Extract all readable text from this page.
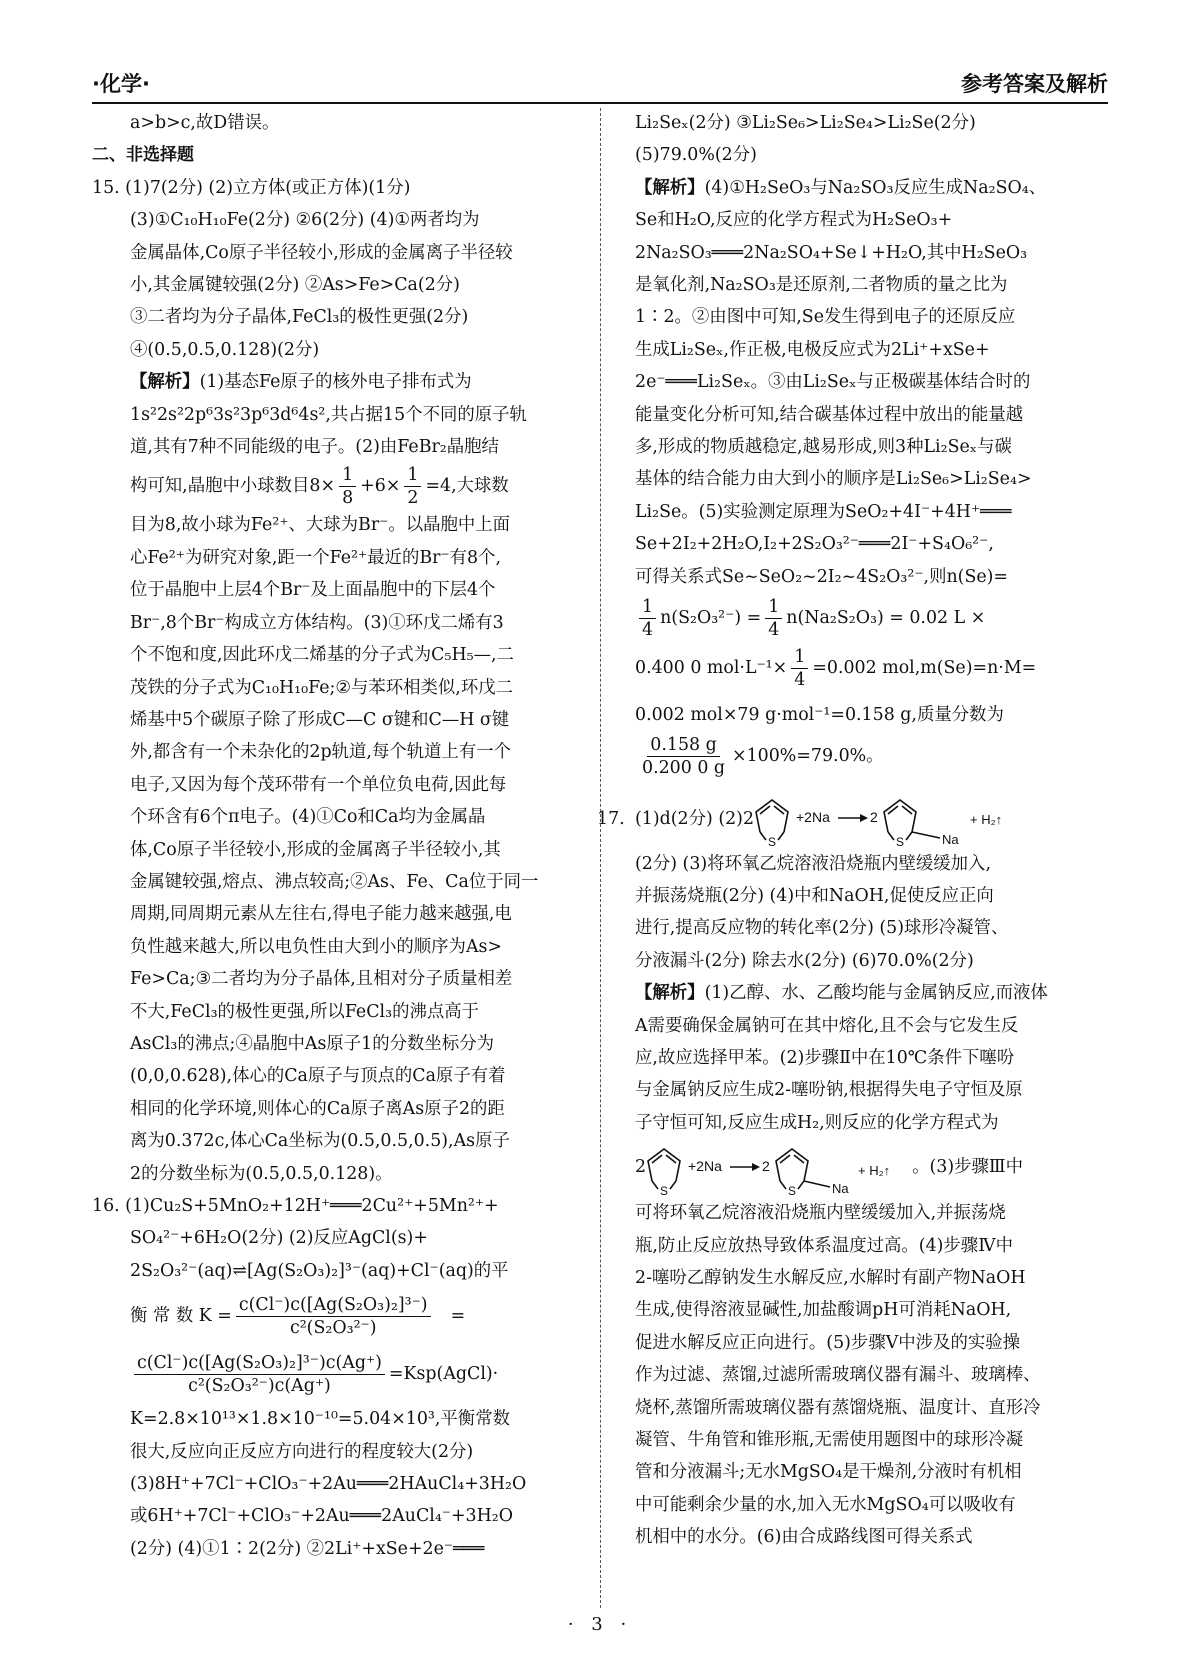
·化学·	参考答案及解析

a>b>c,故D错误。

二、非选择题

15. (1)7(2分) (2)立方体(或正方体)(1分)

(3)①C₁₀H₁₀Fe(2分) ②6(2分) (4)①两者均为

金属晶体,Co原子半径较小,形成的金属离子半径较

小,其金属键较强(2分) ②As>Fe>Ca(2分)

③二者均为分子晶体,FeCl₃的极性更强(2分)

④(0.5,0.5,0.128)(2分)

【解析】(1)基态Fe原子的核外电子排布式为

1s²2s²2p⁶3s²3p⁶3d⁶4s²,共占据15个不同的原子轨

道,其有7种不同能级的电子。(2)由FeBr₂晶胞结

构可知,晶胞中小球数目$8\times \frac{1}{8} +6\times \frac{1}{2} =4$,大球数

目为8,故小球为Fe²⁺、大球为Br⁻。以晶胞中上面

心Fe²⁺为研究对象,距一个Fe²⁺最近的Br⁻有8个,

位于晶胞中上层4个Br⁻及上面晶胞中的下层4个

Br⁻,8个Br⁻构成立方体结构。(3)①环戊二烯有3

个不饱和度,因此环戊二烯基的分子式为C₅H₅—,二

茂铁的分子式为C₁₀H₁₀Fe;②与苯环相类似,环戊二

烯基中5个碳原子除了形成C—C σ键和C—H σ键

外,都含有一个未杂化的2p轨道,每个轨道上有一个

电子,又因为每个茂环带有一个单位负电荷,因此每

个环含有6个π电子。(4)①Co和Ca均为金属晶

体,Co原子半径较小,形成的金属离子半径较小,其

金属键较强,熔点、沸点较高;②As、Fe、Ca位于同一

周期,同周期元素从左往右,得电子能力越来越强,电

负性越来越大,所以电负性由大到小的顺序为As>

Fe>Ca;③二者均为分子晶体,且相对分子质量相差

不大,FeCl₃的极性更强,所以FeCl₃的沸点高于

AsCl₃的沸点;④晶胞中As原子1的分数坐标分为

(0,0,0.628),体心的Ca原子与顶点的Ca原子有着

相同的化学环境,则体心的Ca原子离As原子2的距

离为0.372c,体心Ca坐标为(0.5,0.5,0.5),As原子

2的分数坐标为(0.5,0.5,0.128)。

16. (1)Cu₂S+5MnO₂+12H⁺═══2Cu²⁺+5Mn²⁺+

SO₄²⁻+6H₂O(2分) (2)反应AgCl(s)+

2S₂O₃²⁻(aq)⇌[Ag(S₂O₃)₂]³⁻(aq)+Cl⁻(aq)的平

衡 常 数 $K = \frac{\text{c(Cl⁻)c([Ag(S₂O₃)₂]³⁻)}}{\text{c²(S₂O₃²⁻)}}$ =
$\frac{\text{c(Cl⁻)c([Ag(S₂O₃)₂]³⁻)c(Ag⁺)}}{\text{c²(S₂O₃²⁻)c(Ag⁺)}}$ =Ksp(AgCl)·

K=2.8×10¹³×1.8×10⁻¹⁰=5.04×10³,平衡常数

很大,反应向正反应方向进行的程度较大(2分)

(3)8H⁺+7Cl⁻+ClO₃⁻+2Au═══2HAuCl₄+3H₂O

或6H⁺+7Cl⁻+ClO₃⁻+2Au═══2AuCl₄⁻+3H₂O

(2分) (4)①1∶2(2分) ②2Li⁺+xSe+2e⁻═══

Li₂Seₓ(2分) ③Li₂Se₆>Li₂Se₄>Li₂Se(2分)

(5)79.0%(2分)

【解析】(4)①H₂SeO₃与Na₂SO₃反应生成Na₂SO₄、

Se和H₂O,反应的化学方程式为H₂SeO₃+

2Na₂SO₃═══2Na₂SO₄+Se↓+H₂O,其中H₂SeO₃

是氧化剂,Na₂SO₃是还原剂,二者物质的量之比为

1∶2。②由图中可知,Se发生得到电子的还原反应

生成Li₂Seₓ,作正极,电极反应式为2Li⁺+xSe+

2e⁻═══Li₂Seₓ。③由Li₂Seₓ与正极碳基体结合时的

能量变化分析可知,结合碳基体过程中放出的能量越

多,形成的物质越稳定,越易形成,则3种Li₂Seₓ与碳

基体的结合能力由大到小的顺序是Li₂Se₆>Li₂Se₄>

Li₂Se。(5)实验测定原理为SeO₂+4I⁻+4H⁺═══

Se+2I₂+2H₂O,I₂+2S₂O₃²⁻═══2I⁻+S₄O₆²⁻,

可得关系式Se~SeO₂~2I₂~4S₂O₃²⁻,则n(Se)=

$\frac{1}{4} n(S_2O_3^{2-}) = \frac{1}{4} n(Na_2S_2O_3) = 0.02$ L ×
0.400 0 $mol\cdot L^{-1}\times \frac{1}{4} =0.002$ mol,m(Se)=n·M=

0.002 mol×79 g·mol⁻¹=0.158 g,质量分数为

$\frac{0.158 g}{0.200 0 g} \times 100\%=79.0\%$。
17. (1)d(2分) (2)2
S
+2Na	2
S	Na
+ H₂↑

(2分) (3)将环氧乙烷溶液沿烧瓶内壁缓缓加入,

并振荡烧瓶(2分) (4)中和NaOH,促使反应正向

进行,提高反应物的转化率(2分) (5)球形冷凝管、

分液漏斗(2分) 除去水(2分) (6)70.0%(2分)

【解析】(1)乙醇、水、乙酸均能与金属钠反应,而液体

A需要确保金属钠可在其中熔化,且不会与它发生反

应,故应选择甲苯。(2)步骤Ⅱ中在10℃条件下噻吩

与金属钠反应生成2-噻吩钠,根据得失电子守恒及原

子守恒可知,反应生成H₂,则反应的化学方程式为

2
S
+2Na	2
S	Na
+ H₂↑ 。(3)步骤Ⅲ中

可将环氧乙烷溶液沿烧瓶内壁缓缓加入,并振荡烧

瓶,防止反应放热导致体系温度过高。(4)步骤Ⅳ中

2-噻吩乙醇钠发生水解反应,水解时有副产物NaOH

生成,使得溶液显碱性,加盐酸调pH可消耗NaOH,

促进水解反应正向进行。(5)步骤Ⅴ中涉及的实验操

作为过滤、蒸馏,过滤所需玻璃仪器有漏斗、玻璃棒、

烧杯,蒸馏所需玻璃仪器有蒸馏烧瓶、温度计、直形冷

凝管、牛角管和锥形瓶,无需使用题图中的球形冷凝

管和分液漏斗;无水MgSO₄是干燥剂,分液时有机相

中可能剩余少量的水,加入无水MgSO₄可以吸收有

机相中的水分。(6)由合成路线图可得关系式

· 3 ·
